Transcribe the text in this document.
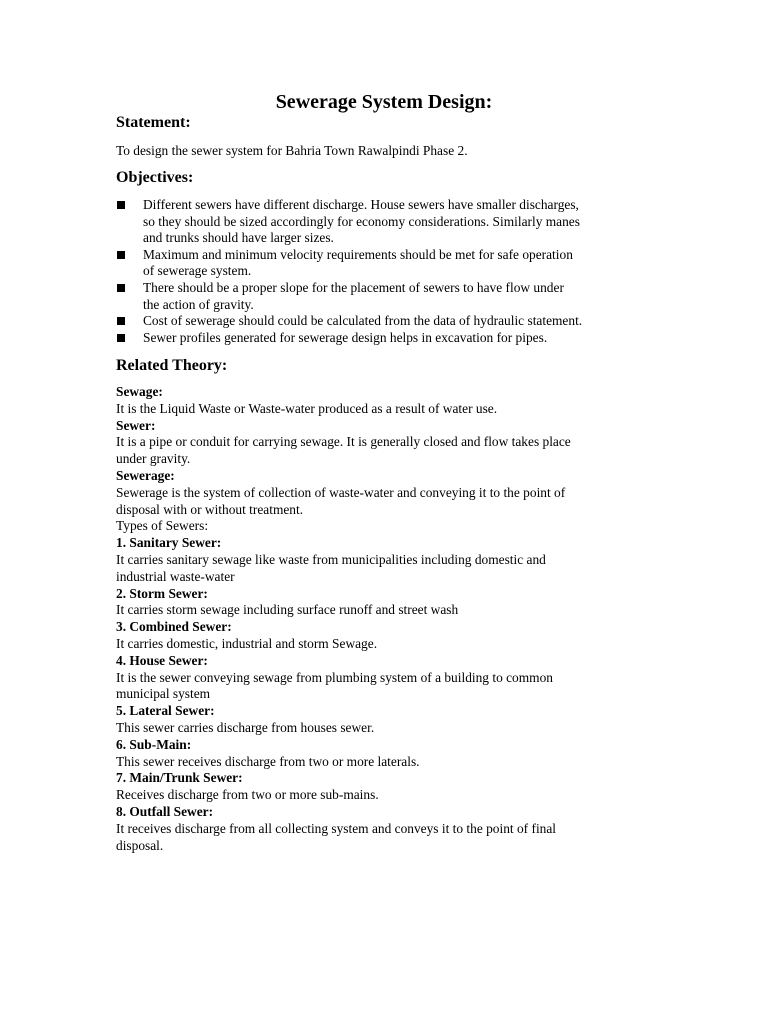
Sewerage System Design:
Statement:
To design the sewer system for Bahria Town Rawalpindi Phase 2.
Objectives:
Different sewers have different discharge. House sewers have smaller discharges,
so they should be sized accordingly for economy considerations. Similarly manes
and trunks should have larger sizes.
Maximum and minimum velocity requirements should be met for safe operation
of sewerage system.
There should be a proper slope for the placement of sewers to have flow under
the action of gravity.
Cost of sewerage should could be calculated from the data of hydraulic statement.
Sewer profiles generated for sewerage design helps in excavation for pipes.
Related Theory:
Sewage:
It is the Liquid Waste or Waste-water produced as a result of water use.
Sewer:
It is a pipe or conduit for carrying sewage. It is generally closed and flow takes place
under gravity.
Sewerage:
Sewerage is the system of collection of waste-water and conveying it to the point of
disposal with or without treatment.
Types of Sewers:
1. Sanitary Sewer:
It carries sanitary sewage like waste from municipalities including domestic and
industrial waste-water
2. Storm Sewer:
It carries storm sewage including surface runoff and street wash
3. Combined Sewer:
It carries domestic, industrial and storm Sewage.
4. House Sewer:
It is the sewer conveying sewage from plumbing system of a building to common
municipal system
5. Lateral Sewer:
This sewer carries discharge from houses sewer.
6. Sub-Main:
This sewer receives discharge from two or more laterals.
7. Main/Trunk Sewer:
Receives discharge from two or more sub-mains.
8. Outfall Sewer:
It receives discharge from all collecting system and conveys it to the point of final
disposal.
